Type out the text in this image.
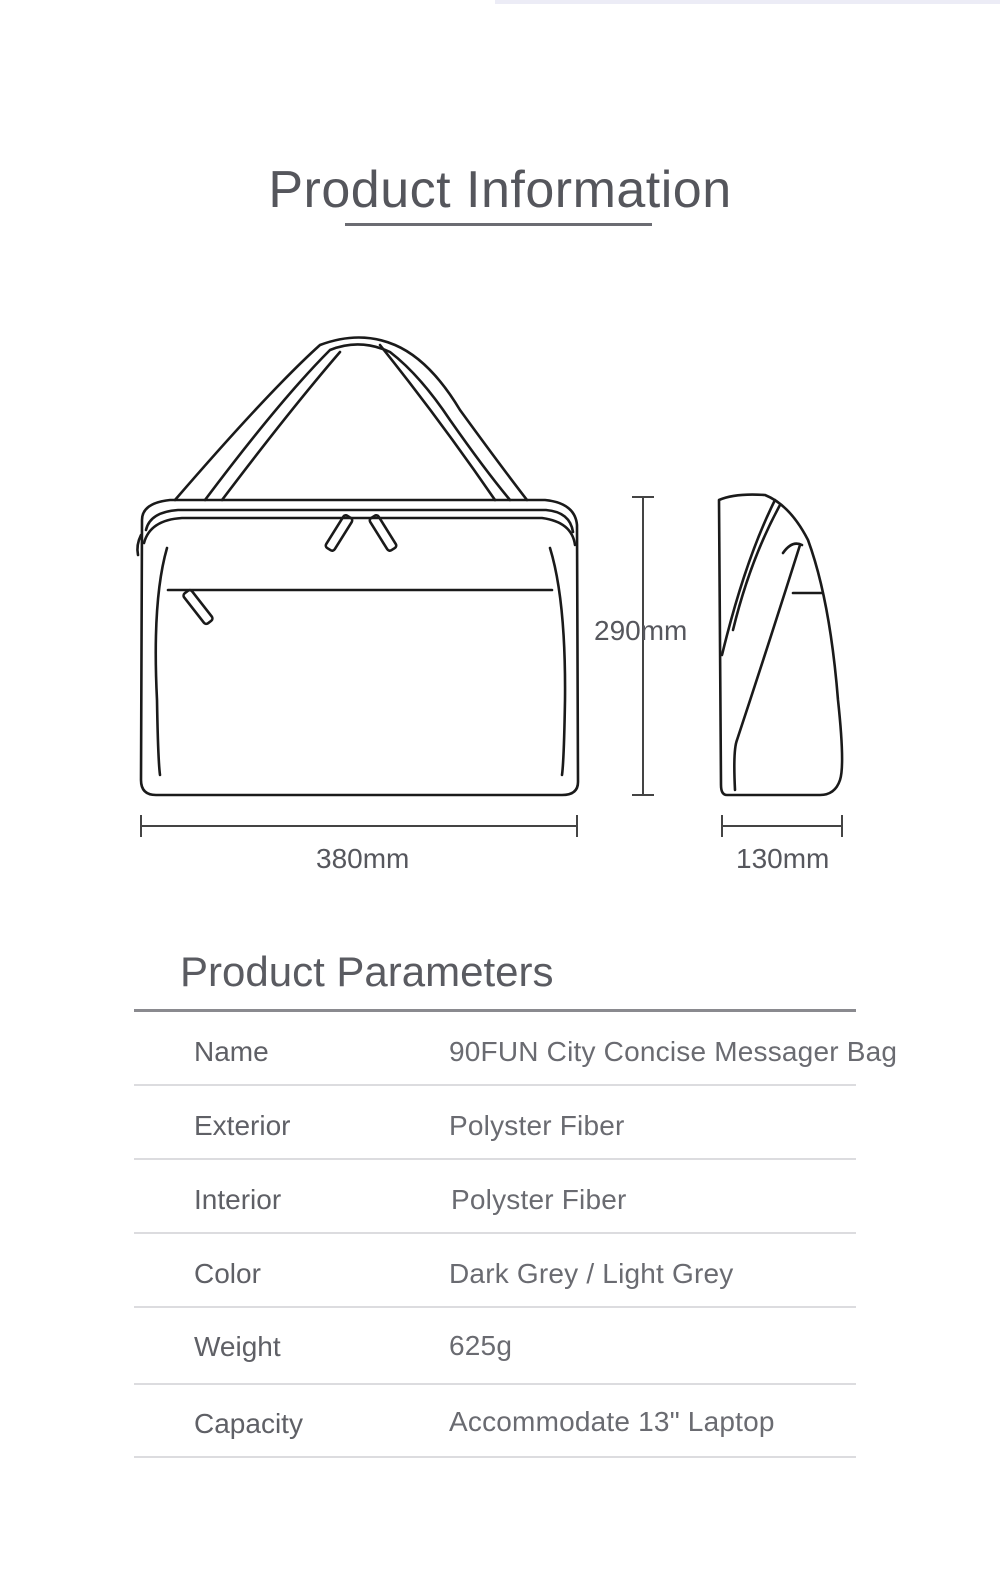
Product Information
290mm
380mm	130mm
Product Parameters
Name	90FUN City Concise Messager Bag
Exterior	Polyster Fiber
Interior	Polyster Fiber
Color	Dark Grey / Light Grey
Weight	625g
Capacity	Accommodate 13" Laptop
